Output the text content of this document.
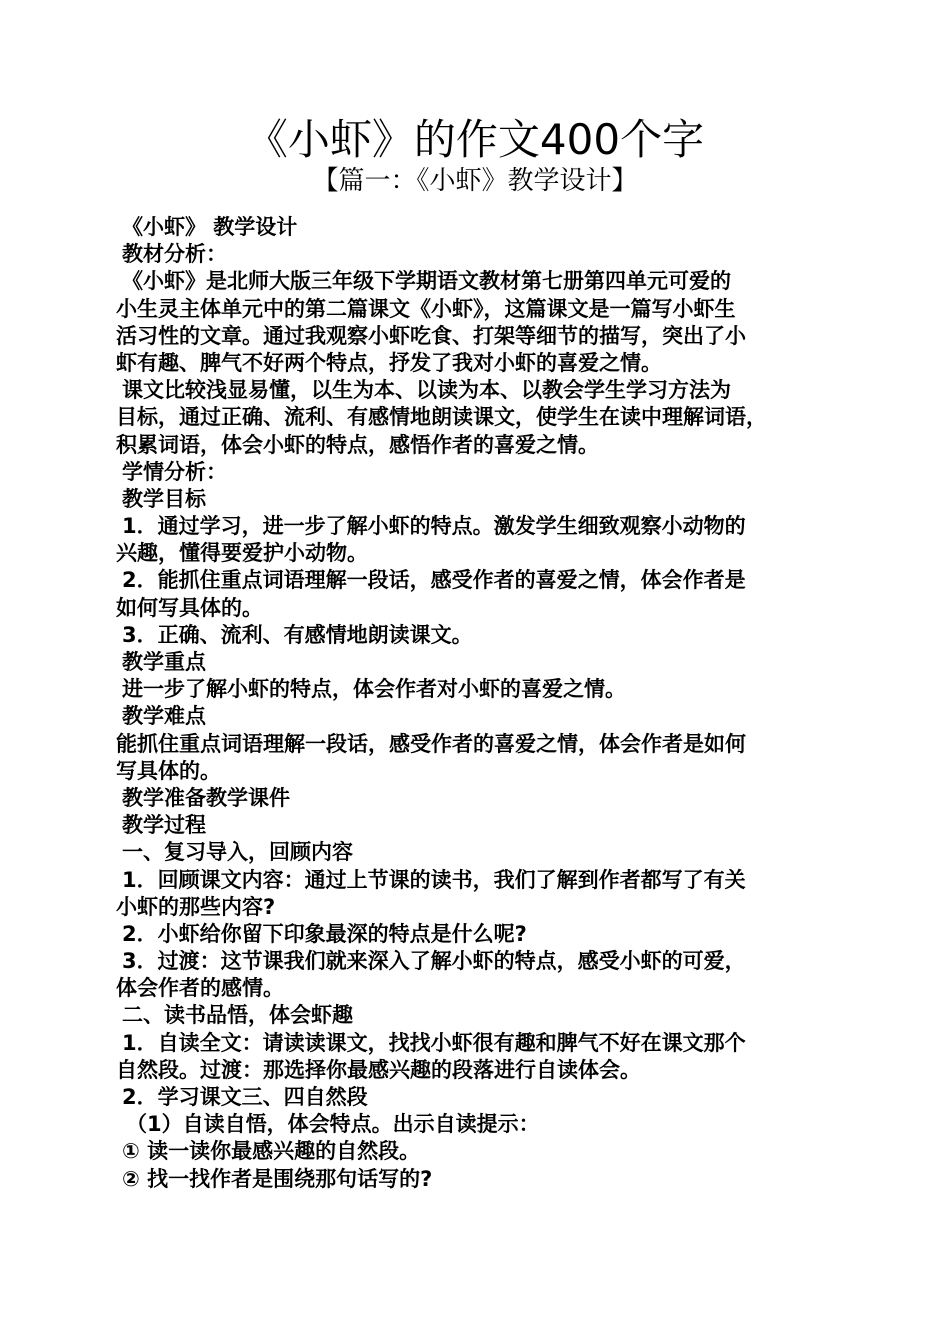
《小虾》的作文400个字
【篇一：《小虾》教学设计】
《小虾》 教学设计
教材分析：
《小虾》是北师大版三年级下学期语文教材第七册第四单元可爱的
小生灵主体单元中的第二篇课文《小虾》，这篇课文是一篇写小虾生
活习性的文章。通过我观察小虾吃食、打架等细节的描写，突出了小
虾有趣、脾气不好两个特点，抒发了我对小虾的喜爱之情。
课文比较浅显易懂，以生为本、以读为本、以教会学生学习方法为
目标，通过正确、流利、有感情地朗读课文，使学生在读中理解词语，
积累词语，体会小虾的特点，感悟作者的喜爱之情。
学情分析：
教学目标
1．通过学习，进一步了解小虾的特点。激发学生细致观察小动物的
兴趣，懂得要爱护小动物。
2．能抓住重点词语理解一段话，感受作者的喜爱之情，体会作者是
如何写具体的。
3．正确、流利、有感情地朗读课文。
教学重点
进一步了解小虾的特点，体会作者对小虾的喜爱之情。
教学难点
能抓住重点词语理解一段话，感受作者的喜爱之情，体会作者是如何
写具体的。
教学准备教学课件
教学过程
一、复习导入，回顾内容
1．回顾课文内容：通过上节课的读书，我们了解到作者都写了有关
小虾的那些内容?
2．小虾给你留下印象最深的特点是什么呢?
3．过渡：这节课我们就来深入了解小虾的特点，感受小虾的可爱，
体会作者的感情。
二、读书品悟，体会虾趣
1．自读全文：请读读课文，找找小虾很有趣和脾气不好在课文那个
自然段。过渡：那选择你最感兴趣的段落进行自读体会。
2．学习课文三、四自然段
（1）自读自悟，体会特点。出示自读提示：
① 读一读你最感兴趣的自然段。
② 找一找作者是围绕那句话写的?
